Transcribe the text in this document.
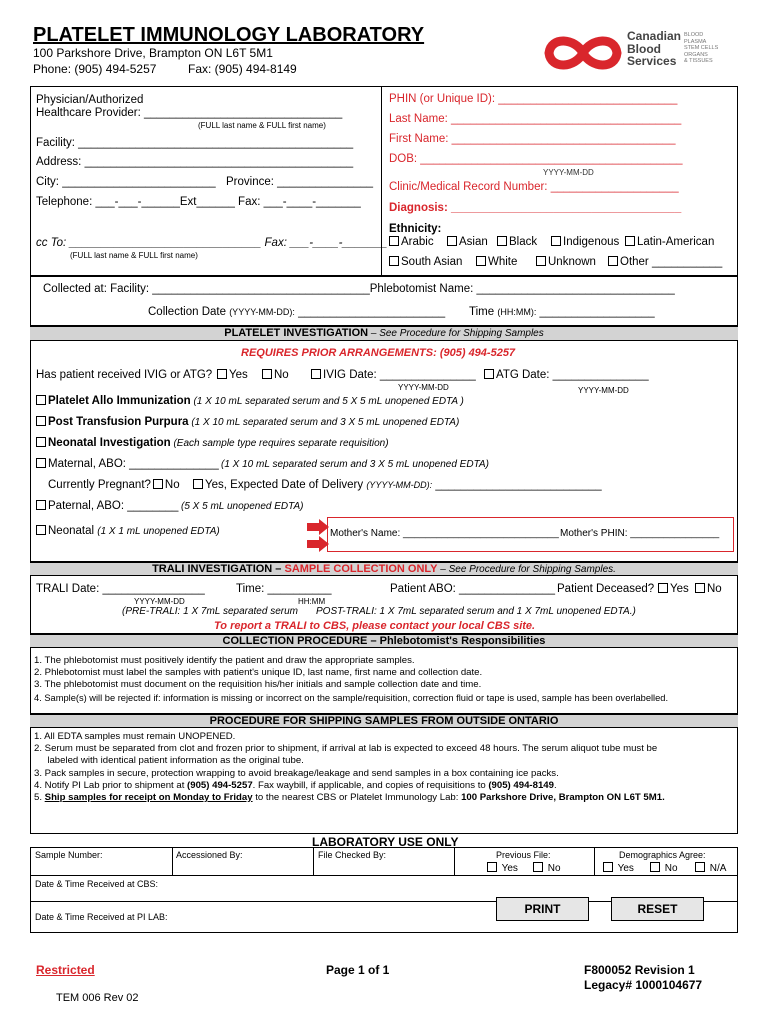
PLATELET IMMUNOLOGY LABORATORY
100 Parkshore Drive, Brampton ON L6T 5M1
Phone: (905) 494-5257	Fax: (905) 494-8149
Canadian
Blood
Services
BLOOD
PLASMA
STEM CELLS
ORGANS
& TISSUES
Physician/Authorized
Healthcare Provider: _______________________________
(FULL last name & FULL first name)
Facility: ___________________________________________
Address: __________________________________________
City: ________________________ Province: _______________
Telephone: ___-___-______Ext______ Fax: ___-____-_______
cc To: ______________________________ Fax: ___-____-_______
(FULL last name & FULL first name)
PHIN (or Unique ID): ____________________________
Last Name: ____________________________________
First Name: ___________________________________
DOB: _________________________________________
YYYY-MM-DD
Clinic/Medical Record Number: ____________________
Diagnosis: ____________________________________
Ethnicity:
Arabic	Asian	Black	Indigenous	Latin-American
South Asian	White	Unknown	Other ___________
Collected at: Facility: __________________________________Phlebotomist Name: _______________________________
Collection Date (YYYY-MM-DD): _______________________ Time (HH:MM): __________________
PLATELET INVESTIGATION – See Procedure for Shipping Samples
REQUIRES PRIOR ARRANGEMENTS: (905) 494-5257
Has patient received IVIG or ATG?	Yes	No	IVIG Date: _______________	ATG Date: _______________
YYYY-MM-DD	YYYY-MM-DD
Platelet Allo Immunization (1 X 10 mL separated serum and 5 X 5 mL unopened EDTA )
Post Transfusion Purpura (1 X 10 mL separated serum and 3 X 5 mL unopened EDTA)
Neonatal Investigation (Each sample type requires separate requisition)
Maternal, ABO: ______________ (1 X 10 mL separated serum and 3 X 5 mL unopened EDTA)
Currently Pregnant? No	Yes, Expected Date of Delivery (YYYY-MM-DD): __________________________
Paternal, ABO: ________ (5 X 5 mL unopened EDTA)
Neonatal (1 X 1 mL unopened EDTA)	Mother's Name: ____________________________ Mother's PHIN: ________________
TRALI INVESTIGATION – SAMPLE COLLECTION ONLY – See Procedure for Shipping Samples.
TRALI Date: ________________	Time: __________	Patient ABO: _______________ Patient Deceased?	Yes	No
YYYY-MM-DD	HH:MM
(PRE-TRALI: 1 X 7mL separated serum POST-TRALI: 1 X 7mL separated serum and 1 X 7mL unopened EDTA.)
To report a TRALI to CBS, please contact your local CBS site.
COLLECTION PROCEDURE – Phlebotomist's Responsibilities
1. The phlebotomist must positively identify the patient and draw the appropriate samples.
2. Phlebotomist must label the samples with patient's unique ID, last name, first name and collection date.
3. The phlebotomist must document on the requisition his/her initials and sample collection date and time.
4. Sample(s) will be rejected if: information is missing or incorrect on the sample/requisition, correction fluid or tape is used, sample has been overlabelled.
PROCEDURE FOR SHIPPING SAMPLES FROM OUTSIDE ONTARIO
1. All EDTA samples must remain UNOPENED.
2. Serum must be separated from clot and frozen prior to shipment, if arrival at lab is expected to exceed 48 hours. The serum aliquot tube must be
labeled with identical patient information as the original tube.
3. Pack samples in secure, protection wrapping to avoid breakage/leakage and send samples in a box containing ice packs.
4. Notify PI Lab prior to shipment at (905) 494-5257. Fax waybill, if applicable, and copies of requisitions to (905) 494-8149.
5. Ship samples for receipt on Monday to Friday to the nearest CBS or Platelet Immunology Lab: 100 Parkshore Drive, Brampton ON L6T 5M1.
LABORATORY USE ONLY
Sample Number:	Accessioned By:	File Checked By:	Previous File:	Demographics Agree:
Yes	No	Yes	No	N/A
Date & Time Received at CBS:
Date & Time Received at PI LAB:
PRINT	RESET
Restricted	Page 1 of 1	F800052 Revision 1
Legacy# 1000104677
TEM 006 Rev 02
